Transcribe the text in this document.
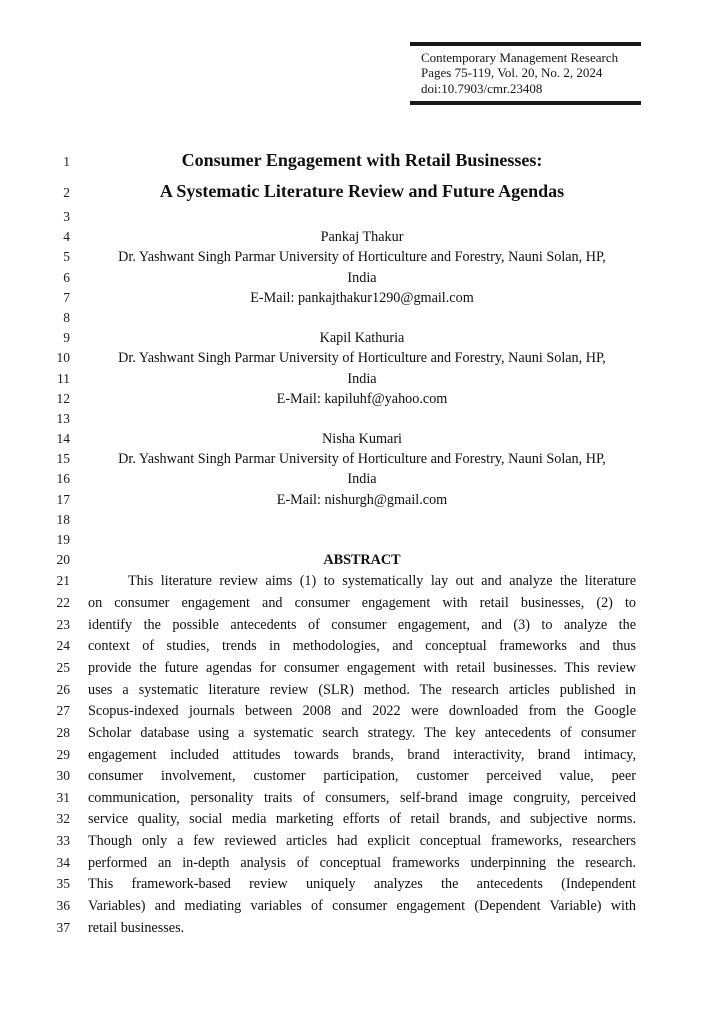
Contemporary Management Research
Pages 75-119, Vol. 20, No. 2, 2024
doi:10.7903/cmr.23408
1	Consumer Engagement with Retail Businesses:
2	A Systematic Literature Review and Future Agendas
3
4	Pankaj Thakur
5	Dr. Yashwant Singh Parmar University of Horticulture and Forestry, Nauni Solan, HP,
6	India
7	E-Mail: pankajthakur1290@gmail.com
8
9	Kapil Kathuria
10	Dr. Yashwant Singh Parmar University of Horticulture and Forestry, Nauni Solan, HP,
11	India
12	E-Mail: kapiluhf@yahoo.com
13
14	Nisha Kumari
15	Dr. Yashwant Singh Parmar University of Horticulture and Forestry, Nauni Solan, HP,
16	India
17	E-Mail: nishurgh@gmail.com
18
19
20	ABSTRACT
21	This literature review aims (1) to systematically lay out and analyze the literature
22 on consumer engagement and consumer engagement with retail businesses, (2) to
23 identify the possible antecedents of consumer engagement, and (3) to analyze the
24 context of studies, trends in methodologies, and conceptual frameworks and thus
25 provide the future agendas for consumer engagement with retail businesses. This review
26 uses a systematic literature review (SLR) method. The research articles published in
27 Scopus-indexed journals between 2008 and 2022 were downloaded from the Google
28 Scholar database using a systematic search strategy. The key antecedents of consumer
29 engagement included attitudes towards brands, brand interactivity, brand intimacy,
30 consumer involvement, customer participation, customer perceived value, peer
31 communication, personality traits of consumers, self-brand image congruity, perceived
32 service quality, social media marketing efforts of retail brands, and subjective norms.
33 Though only a few reviewed articles had explicit conceptual frameworks, researchers
34 performed an in-depth analysis of conceptual frameworks underpinning the research.
35 This framework-based review uniquely analyzes the antecedents (Independent
36 Variables) and mediating variables of consumer engagement (Dependent Variable) with
37 retail businesses.
